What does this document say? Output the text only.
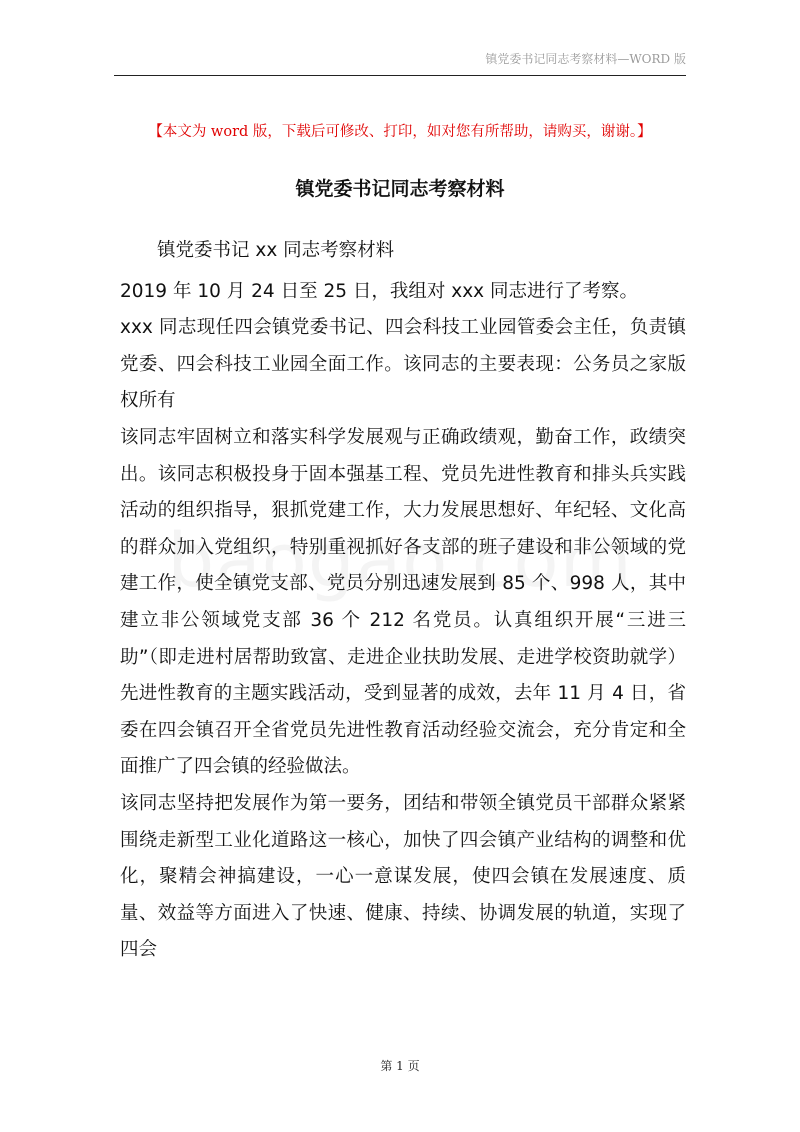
镇党委书记同志考察材料—WORD 版
【本文为 word 版，下载后可修改、打印，如对您有所帮助，请购买，谢谢。】
镇党委书记同志考察材料

镇党委书记 xx 同志考察材料

2019 年 10 月 24 日至 25 日，我组对 xxx 同志进行了考察。

xxx 同志现任四会镇党委书记、四会科技工业园管委会主任，负责镇党委、四会科技工业园全面工作。该同志的主要表现：公务员之家版权所有

该同志牢固树立和落实科学发展观与正确政绩观，勤奋工作，政绩突出。该同志积极投身于固本强基工程、党员先进性教育和排头兵实践活动的组织指导，狠抓党建工作，大力发展思想好、年纪轻、文化高的群众加入党组织，特别重视抓好各支部的班子建设和非公领域的党建工作，使全镇党支部、党员分别迅速发展到 85 个、998 人，其中建立非公领域党支部 36 个 212 名党员。认真组织开展“三进三助”（即走进村居帮助致富、走进企业扶助发展、走进学校资助就学）先进性教育的主题实践活动，受到显著的成效，去年 11 月 4 日，省委在四会镇召开全省党员先进性教育活动经验交流会，充分肯定和全面推广了四会镇的经验做法。

该同志坚持把发展作为第一要务，团结和带领全镇党员干部群众紧紧围绕走新型工业化道路这一核心，加快了四会镇产业结构的调整和优化，聚精会神搞建设，一心一意谋发展，使四会镇在发展速度、质量、效益等方面进入了快速、健康、持续、协调发展的轨道，实现了四会

第 1 页
